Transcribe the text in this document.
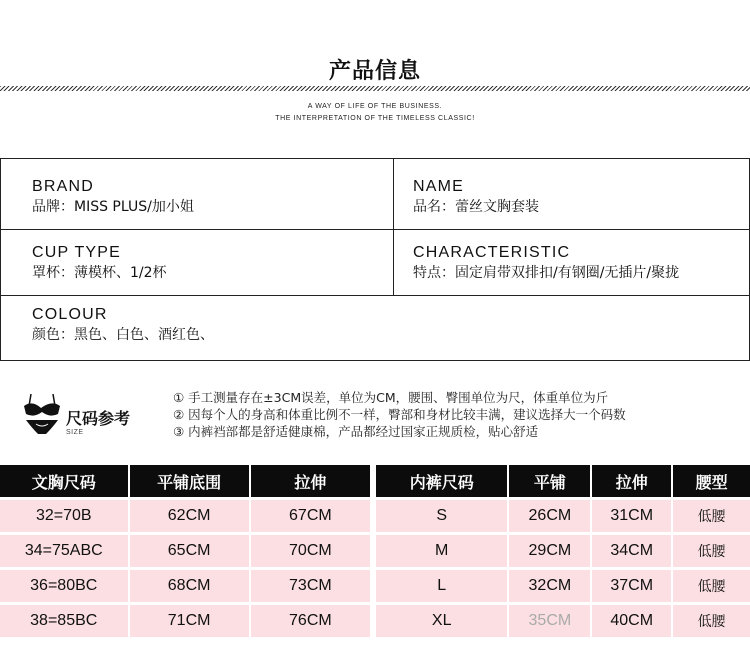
产品信息
A WAY OF LIFE OF THE BUSINESS.
THE INTERPRETATION OF THE TIMELESS CLASSIC!
BRAND
品牌：MISS PLUS/加小姐
NAME
品名：蕾丝文胸套装
CUP TYPE
罩杯：薄模杯、1/2杯
CHARACTERISTIC
特点：固定肩带双排扣/有钢圈/无插片/聚拢
COLOUR
颜色：黑色、白色、酒红色、
尺码参考
SIZE
① 手工测量存在±3CM误差，单位为CM，腰围、臀围单位为尺，体重单位为斤
② 因每个人的身高和体重比例不一样，臀部和身材比较丰满，建议选择大一个码数
③ 内裤裆部都是舒适健康棉，产品都经过国家正规质检，贴心舒适
文胸尺码	平铺底围	拉伸
32=70B	62CM	67CM
34=75ABC	65CM	70CM
36=80BC	68CM	73CM
38=85BC	71CM	76CM
内裤尺码	平铺	拉伸	腰型
S	26CM	31CM	低腰
M	29CM	34CM	低腰
L	32CM	37CM	低腰
XL	35CM	40CM	低腰
